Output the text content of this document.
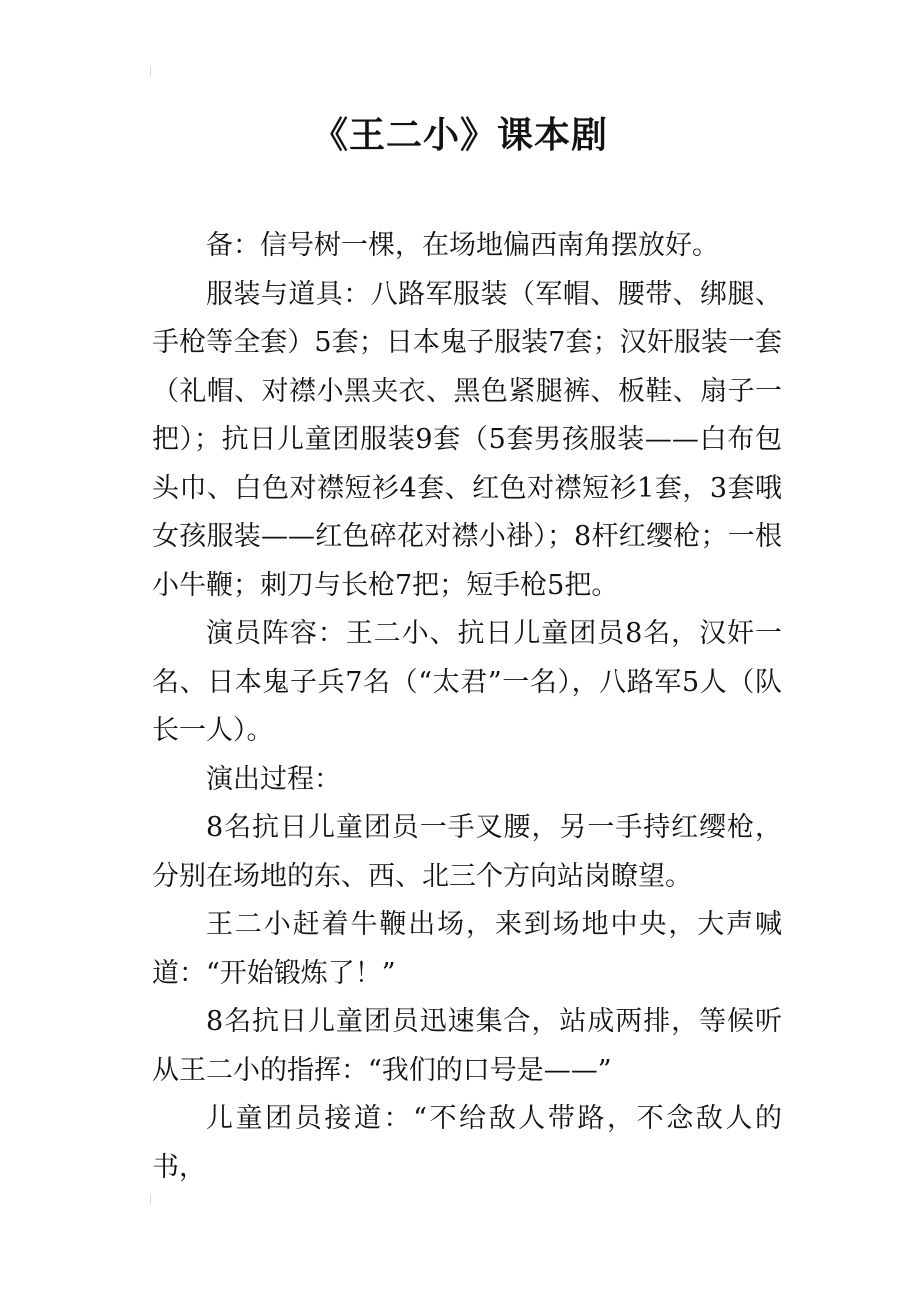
《王二小》课本剧

备：信号树一棵，在场地偏西南角摆放好。

服装与道具：八路军服装（军帽、腰带、绑腿、手枪等全套）5套；日本鬼子服装7套；汉奸服装一套（礼帽、对襟小黑夹衣、黑色紧腿裤、板鞋、扇子一把）；抗日儿童团服装9套（5套男孩服装——白布包头巾、白色对襟短衫4套、红色对襟短衫1套，3套哦女孩服装——红色碎花对襟小褂）；8杆红缨枪；一根小牛鞭；刺刀与长枪7把；短手枪5把。

演员阵容：王二小、抗日儿童团员8名，汉奸一名、日本鬼子兵7名（“太君”一名），八路军5人（队长一人）。

演出过程：

8名抗日儿童团员一手叉腰，另一手持红缨枪，分别在场地的东、西、北三个方向站岗瞭望。

王二小赶着牛鞭出场，来到场地中央，大声喊道：“开始锻炼了！”

8名抗日儿童团员迅速集合，站成两排，等候听从王二小的指挥：“我们的口号是——”

儿童团员接道：“不给敌人带路，不念敌人的书，
